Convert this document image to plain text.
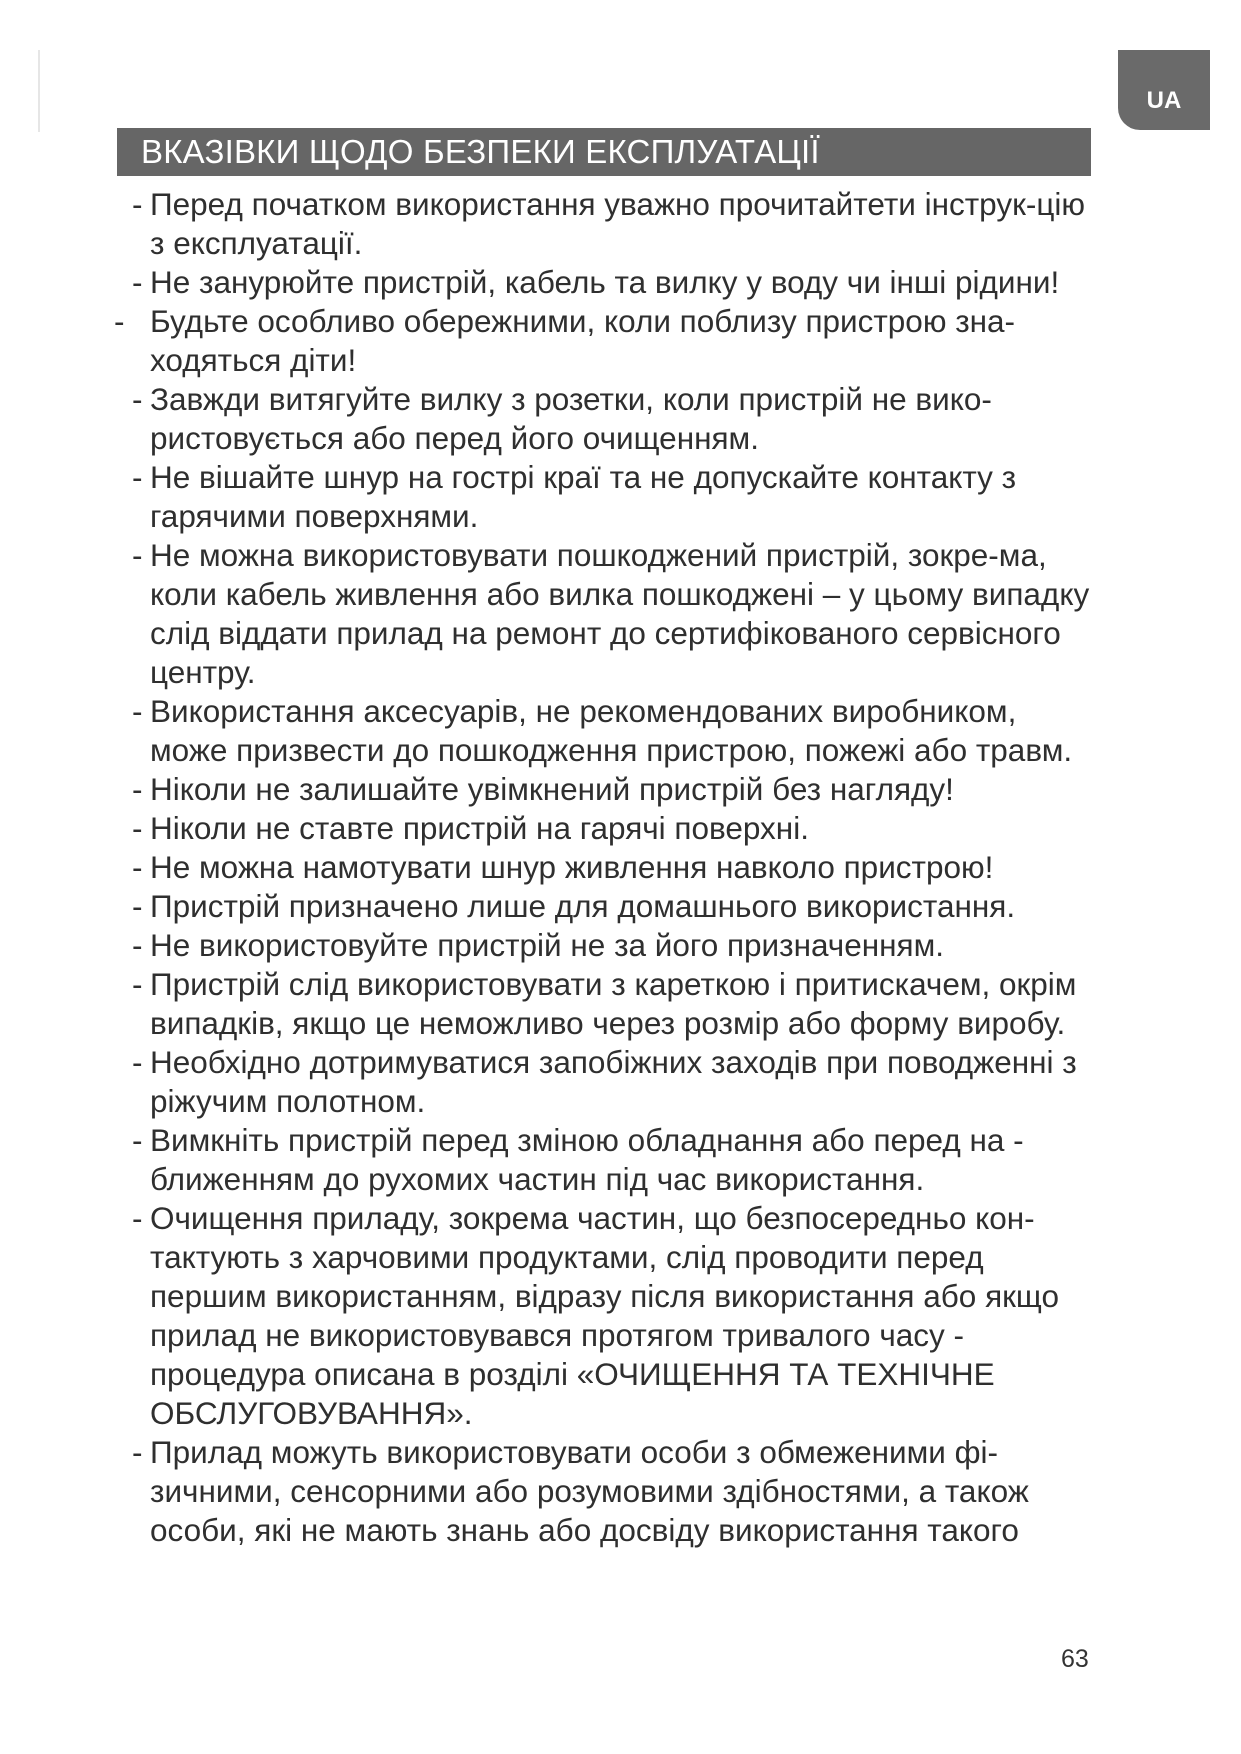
UA
ВКАЗІВКИ ЩОДО БЕЗПЕКИ ЕКСПЛУАТАЦІЇ
- Перед початком використання уважно прочитайтети інструк-цію з експлуатації.
- Не занурюйте пристрій, кабель та вилку у воду чи інші рідини!
- Будьте особливо обережними, коли поблизу пристрою зна-ходяться діти!
- Завжди витягуйте вилку з розетки, коли пристрій не вико-ристовується або перед його очищенням.
- Не вішайте шнур на гострі краї та не допускайте контакту з гарячими поверхнями.
- Не можна використовувати пошкоджений пристрій, зокре-ма, коли кабель живлення або вилка пошкоджені – у цьому випадку слід віддати прилад на ремонт до сертифікованого сервісного центру.
- Використання аксесуарів, не рекомендованих виробником, може призвести до пошкодження пристрою, пожежі або травм.
- Ніколи не залишайте увімкнений пристрій без нагляду!
- Ніколи не ставте пристрій на гарячі поверхні.
- Не можна намотувати шнур живлення навколо пристрою!
- Пристрій призначено лише для домашнього використання.
- Не використовуйте пристрій не за його призначенням.
- Пристрій слід використовувати з кареткою і притискачем, окрім випадків, якщо це неможливо через розмір або форму виробу.
- Необхідно дотримуватися запобіжних заходів при поводженні з ріжучим полотном.
- Вимкніть пристрій перед зміною обладнання або перед на - ближенням до рухомих частин під час використання.
- Очищення приладу, зокрема частин, що безпосередньо кон-тактують з харчовими продуктами, слід проводити перед першим використанням, відразу після використання або якщо прилад не використовувався протягом тривалого часу - процедура описана в розділі «ОЧИЩЕННЯ ТА ТЕХНІЧНЕ ОБСЛУГОВУВАННЯ».
- Прилад можуть використовувати особи з обмеженими фі-зичними, сенсорними або розумовими здібностями, а також особи, які не мають знань або досвіду використання такого
63
